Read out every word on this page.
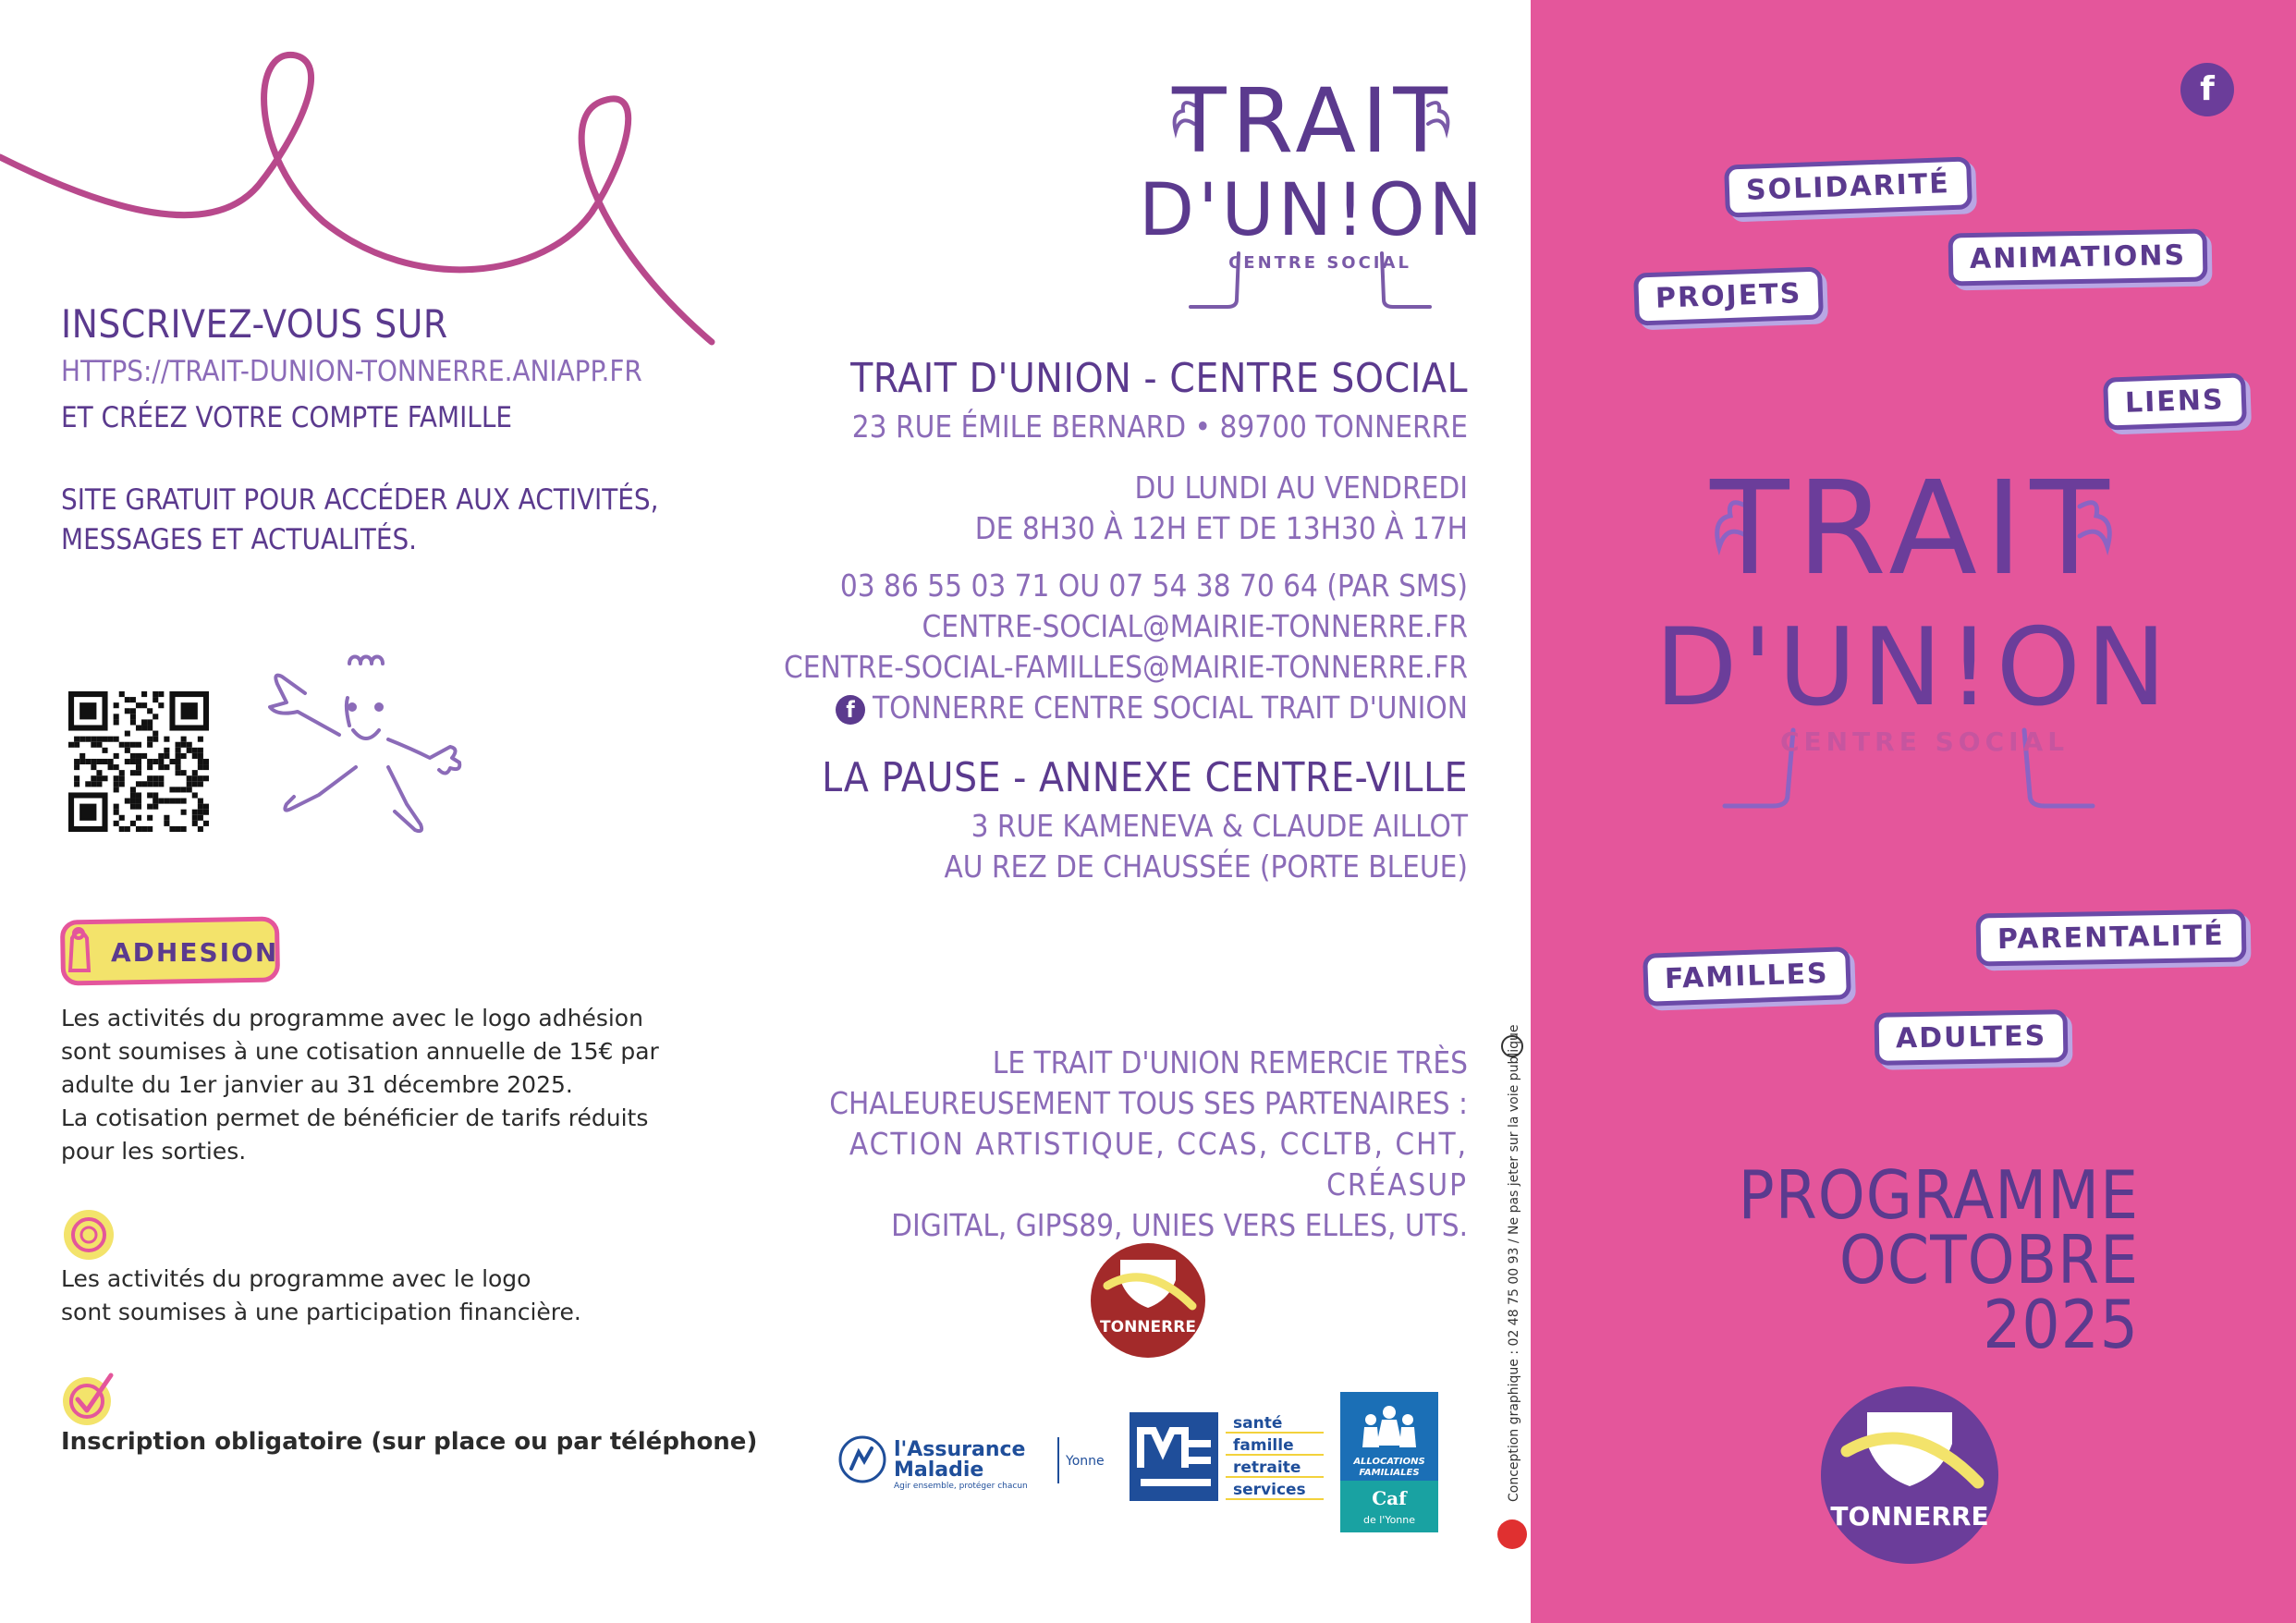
INSCRIVEZ-VOUS SUR
HTTPS://TRAIT-DUNION-TONNERRE.ANIAPP.FR
ET CRÉEZ VOTRE COMPTE FAMILLE
SITE GRATUIT POUR ACCÉDER AUX ACTIVITÉS,
MESSAGES ET ACTUALITÉS.
ADHESION
Les activités du programme avec le logo adhésion
sont soumises à une cotisation annuelle de 15€ par
adulte du 1er janvier au 31 décembre 2025.
La cotisation permet de bénéficier de tarifs réduits
pour les sorties.
Les activités du programme avec le logo
sont soumises à une participation financière.
Inscription obligatoire (sur place ou par téléphone)
TRAIT
D'UN!ON
CENTRE SOCIAL
TRAIT D'UNION - CENTRE SOCIAL
23 RUE ÉMILE BERNARD • 89700 TONNERRE
DU LUNDI AU VENDREDI
DE 8H30 À 12H ET DE 13H30 À 17H
03 86 55 03 71 OU 07 54 38 70 64 (PAR SMS)
CENTRE-SOCIAL@MAIRIE-TONNERRE.FR
CENTRE-SOCIAL-FAMILLES@MAIRIE-TONNERRE.FR
f TONNERRE CENTRE SOCIAL TRAIT D'UNION
LA PAUSE - ANNEXE CENTRE-VILLE
3 RUE KAMENEVA & CLAUDE AILLOT
AU REZ DE CHAUSSÉE (PORTE BLEUE)
LE TRAIT D'UNION REMERCIE TRÈS
CHALEUREUSEMENT TOUS SES PARTENAIRES :
ACTION ARTISTIQUE, CCAS, CCLTB, CHT, CRÉASUP
DIGITAL, GIPS89, UNIES VERS ELLES, UTS.
TONNERRE
l'Assurance
Maladie
Agir ensemble, protéger chacun
Yonne
santé
famille
retraite
services
ALLOCATIONS
FAMILIALES
Caf
de l'Yonne
Conception graphique : 02 48 75 00 93 / Ne pas jeter sur la voie publique
f
SOLIDARITÉ
ANIMATIONS
PROJETS
LIENS
PARENTALITÉ
FAMILLES
ADULTES
TRAIT
D'UN!ON
CENTRE SOCIAL
PROGRAMME
OCTOBRE
2025
TONNERRE
